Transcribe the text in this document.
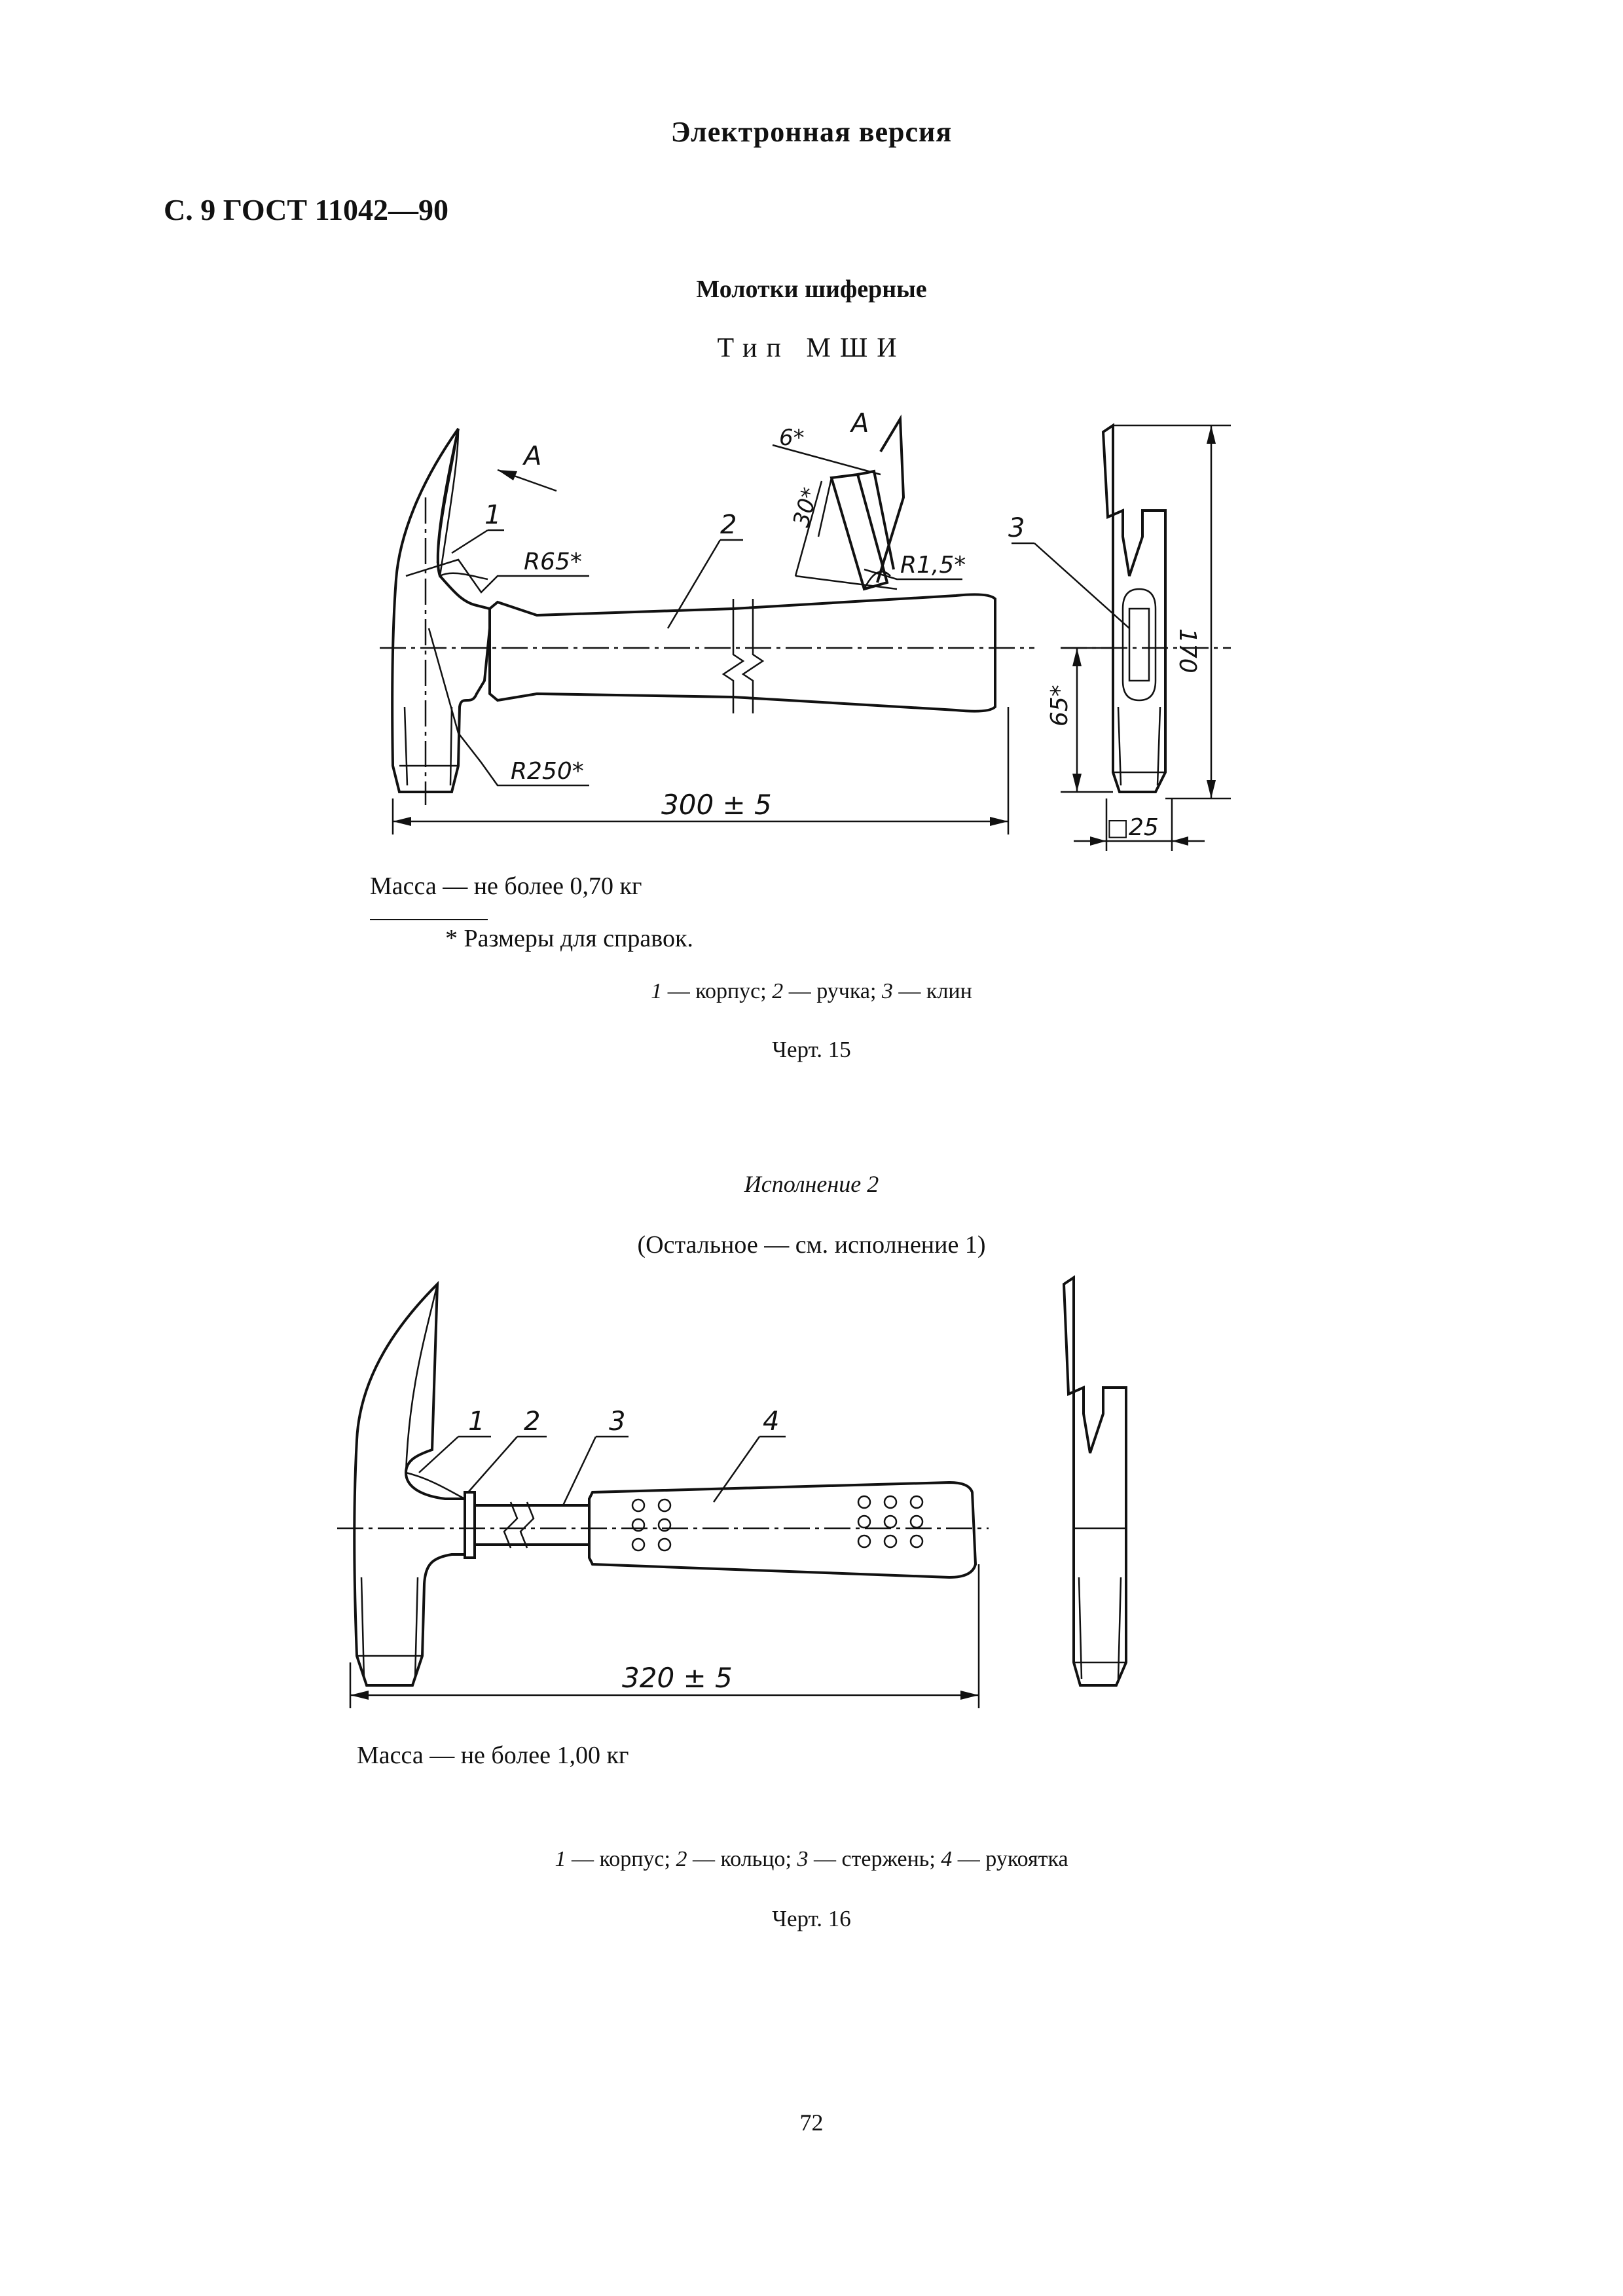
Электронная версия
С. 9 ГОСТ 11042—90
Молотки шиферные
Тип МШИ
300 ± 5
R65*
R250*
А
1	2
6* А
30*
R1,5*
3
170
65*
□25
1 2	3	4
320 ± 5
Масса — не более 0,70 кг
* Размеры для справок.
1 — корпус; 2 — ручка; 3 — клин
Черт. 15
Исполнение 2
(Остальное — см. исполнение 1)
Масса — не более 1,00 кг
1 — корпус; 2 — кольцо; 3 — стержень; 4 — рукоятка
Черт. 16
72
